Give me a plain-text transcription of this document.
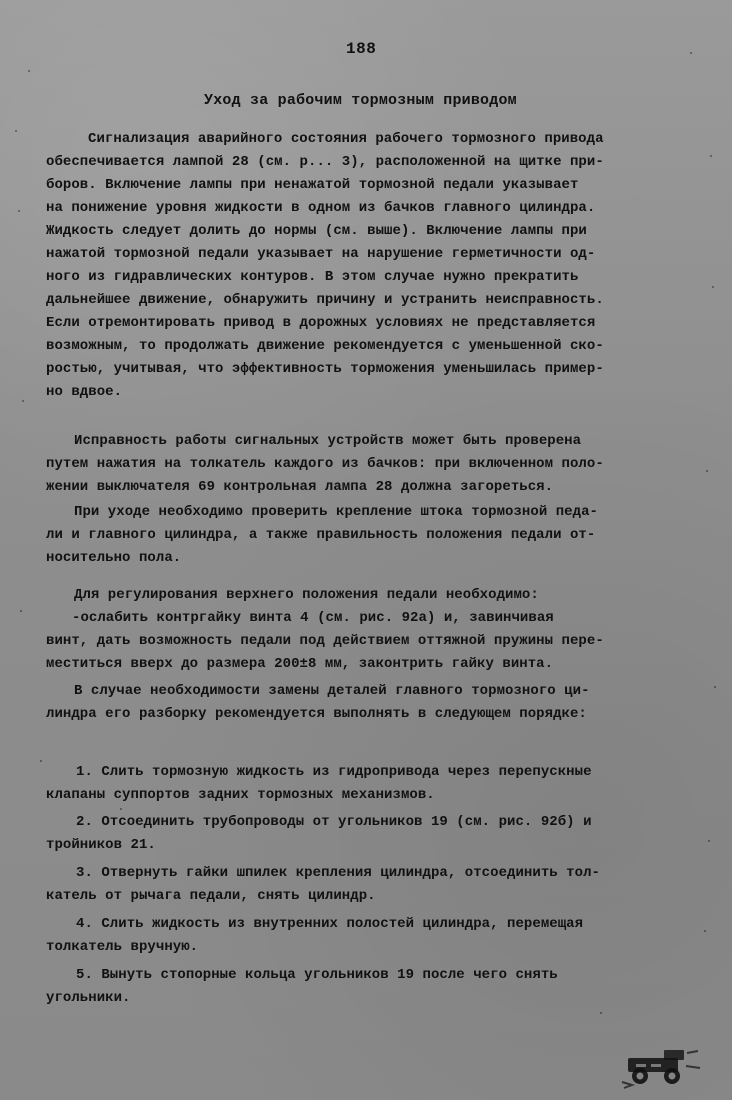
188
Уход за рабочим тормозным приводом
Сигнализация аварийного состояния рабочего тормозного привода
обеспечивается лампой 28 (см. р... 3), расположенной на щитке при-
боров. Включение лампы при ненажатой тормозной педали указывает
на понижение уровня жидкости в одном из бачков главного цилиндра.
Жидкость следует долить до нормы (см. выше). Включение лампы при
нажатой тормозной педали указывает на нарушение герметичности од-
ного из гидравлических контуров. В этом случае нужно прекратить
дальнейшее движение, обнаружить причину и устранить неисправность.
Если отремонтировать привод в дорожных условиях не представляется
возможным, то продолжать движение рекомендуется с уменьшенной ско-
ростью, учитывая, что эффективность торможения уменьшилась пример-
но вдвое.
Исправность работы сигнальных устройств может быть проверена
путем нажатия на толкатель каждого из бачков: при включенном поло-
жении выключателя 69 контрольная лампа 28 должна загореться.
При уходе необходимо проверить крепление штока тормозной педа-
ли и главного цилиндра, а также правильность положения педали от-
носительно пола.
Для регулирования верхнего положения педали необходимо:
-ослабить контргайку винта 4 (см. рис. 92а) и, завинчивая
винт, дать возможность педали под действием оттяжной пружины пере-
меститься вверх до размера 200±8 мм, законтрить гайку винта.
В случае необходимости замены деталей главного тормозного ци-
линдра его разборку рекомендуется выполнять в следующем порядке:
1. Слить тормозную жидкость из гидропривода через перепускные
клапаны суппортов задних тормозных механизмов.
2. Отсоединить трубопроводы от угольников 19 (см. рис. 92б) и
тройников 21.
3. Отвернуть гайки шпилек крепления цилиндра, отсоединить тол-
катель от рычага педали, снять цилиндр.
4. Слить жидкость из внутренних полостей цилиндра, перемещая
толкатель вручную.
5. Вынуть стопорные кольца угольников 19 после чего снять
угольники.
